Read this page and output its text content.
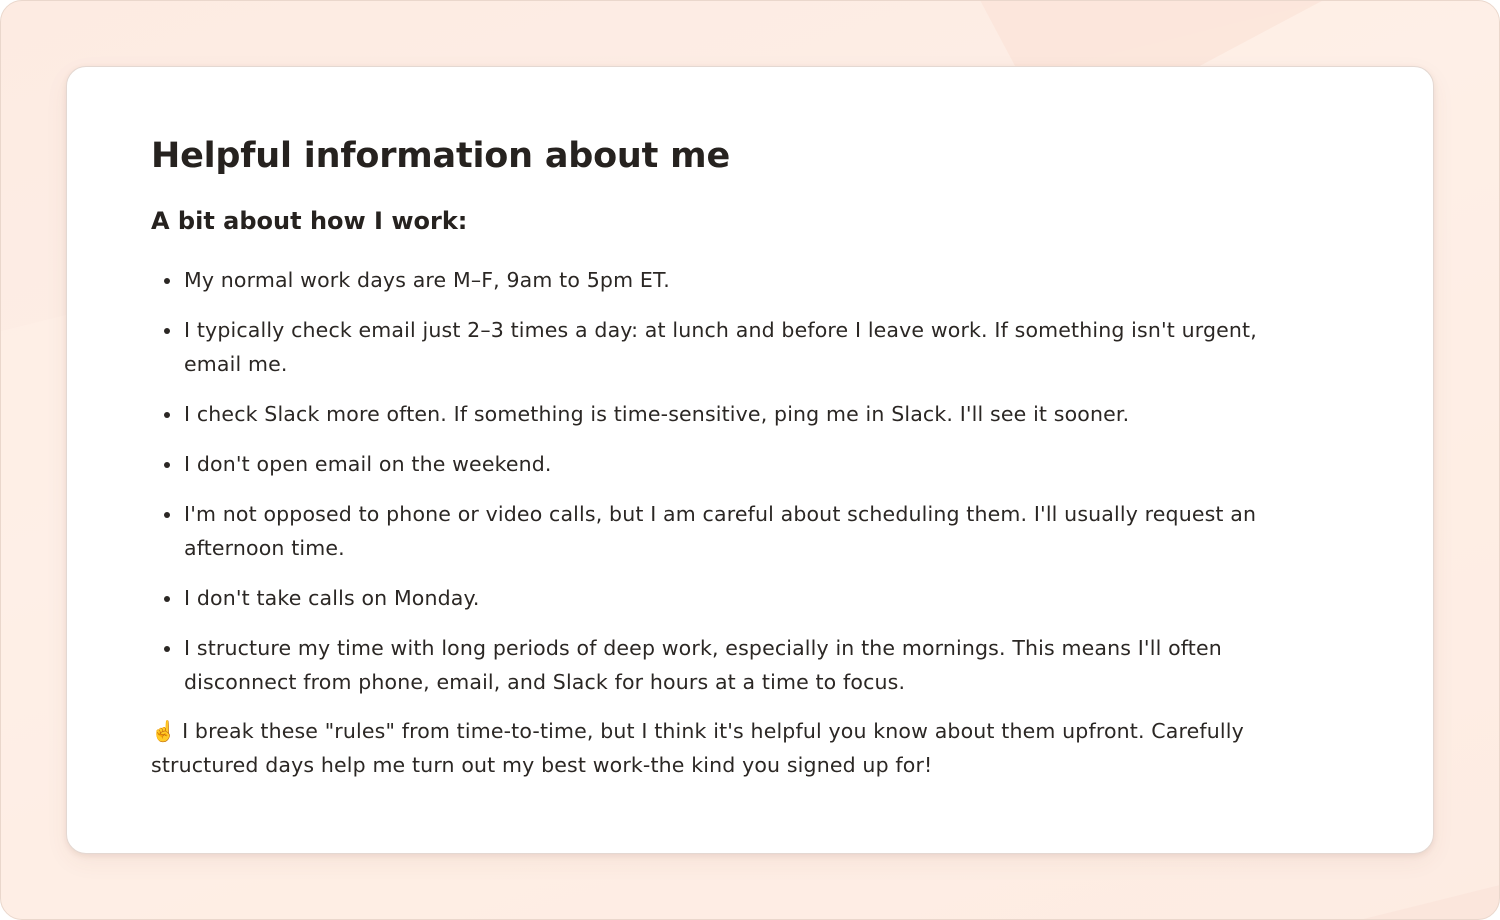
Helpful information about me
A bit about how I work:
My normal work days are M–F, 9am to 5pm ET.
I typically check email just 2–3 times a day: at lunch and before I leave work. If something isn't urgent, email me.
I check Slack more often. If something is time-sensitive, ping me in Slack. I'll see it sooner.
I don't open email on the weekend.
I'm not opposed to phone or video calls, but I am careful about scheduling them. I'll usually request an afternoon time.
I don't take calls on Monday.
I structure my time with long periods of deep work, especially in the mornings. This means I'll often disconnect from phone, email, and Slack for hours at a time to focus.

☝️ I break these "rules" from time-to-time, but I think it's helpful you know about them upfront. Carefully structured days help me turn out my best work-the kind you signed up for!
